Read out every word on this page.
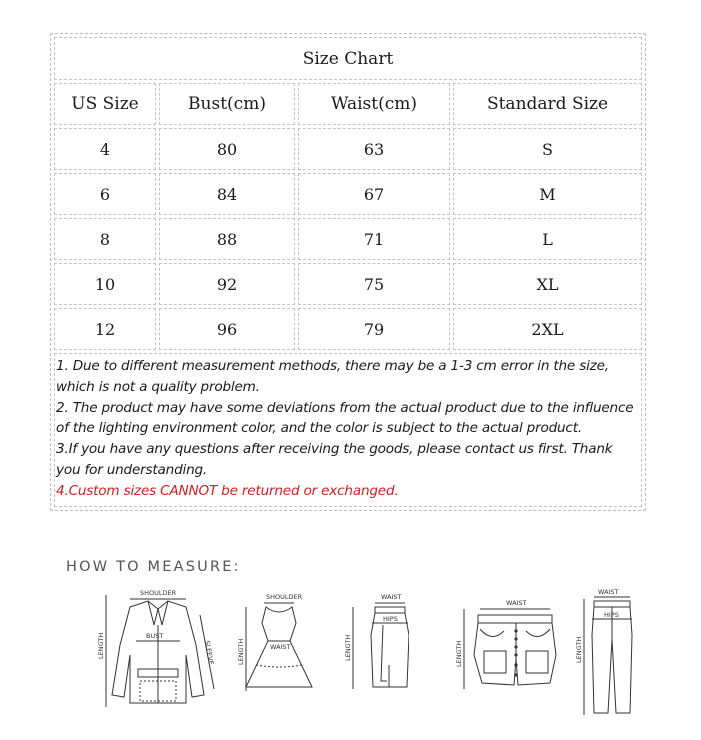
Size Chart			
US Size	Bust(cm)	Waist(cm)	Standard Size
4	80	63	S
6	84	67	M
8	88	71	L
10	92	75	XL
12	96	79	2XL

1. Due to different measurement methods, there may be a 1-3 cm error in the size, which is not a quality problem.
2. The product may have some deviations from the actual product due to the influence of the lighting environment color, and the color is subject to the actual product.
3.If you have any questions after receiving the goods, please contact us first. Thank you for understanding.
4.Custom sizes CANNOT be returned or exchanged.			
HOW TO MEASURE:
SHOULDER
BUST
LENGTH	SLEEVE
SHOULDER
WAIST
LENGTH
WAIST
HIPS
LENGTH
WAIST
LENGTH
WAIST
HIPS
LENGTH
